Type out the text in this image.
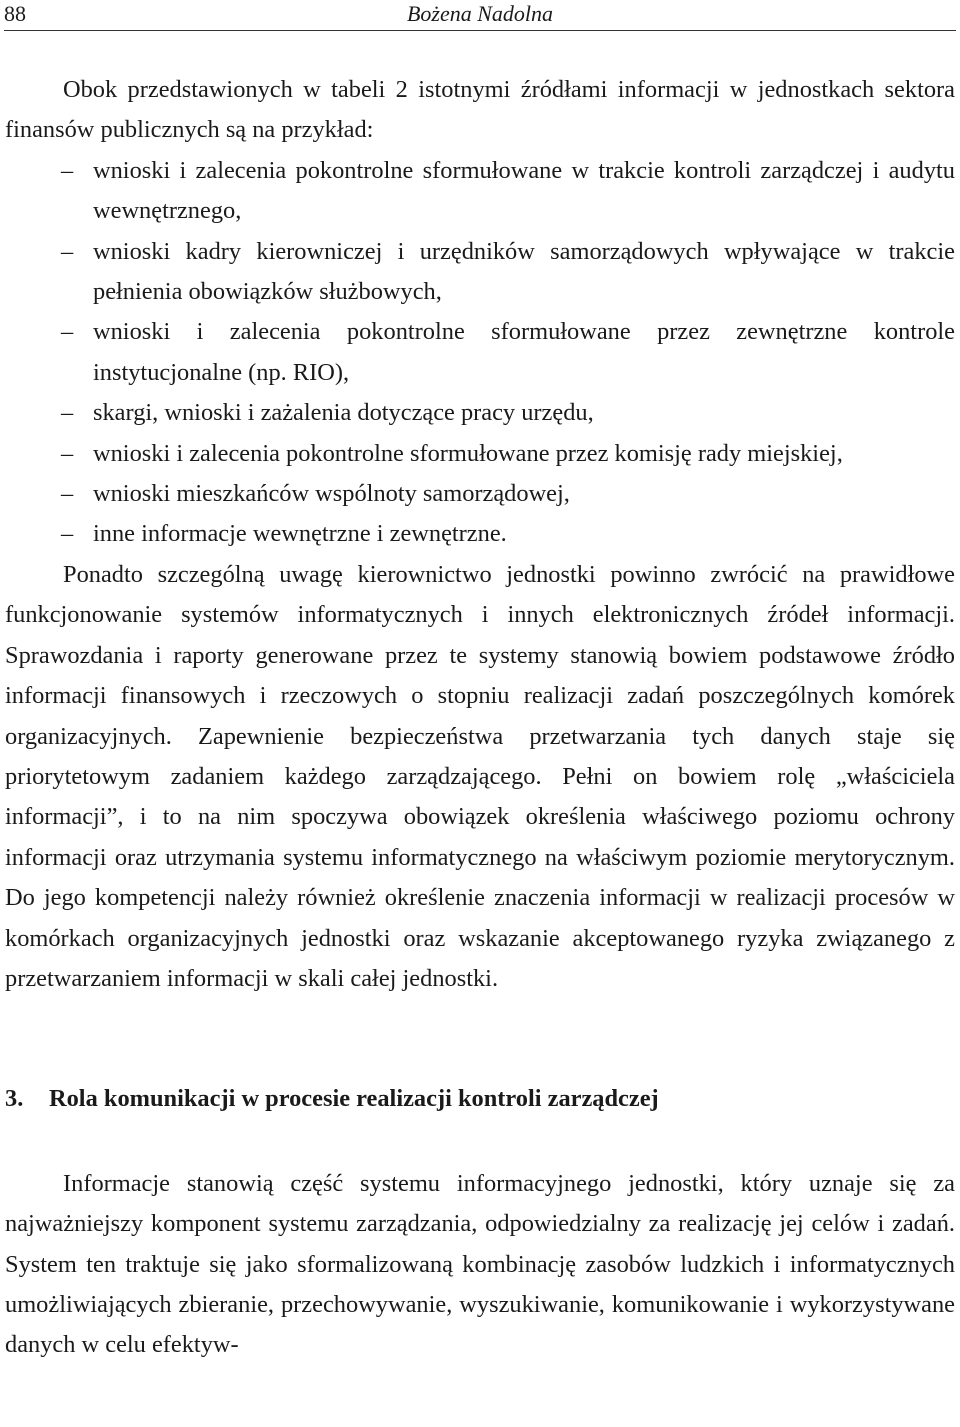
88	Bożena Nadolna

Obok przedstawionych w tabeli 2 istotnymi źródłami informacji w jednostkach sektora finansów publicznych są na przykład:

– wnioski i zalecenia pokontrolne sformułowane w trakcie kontroli zarządczej i audytu wewnętrznego,
– wnioski kadry kierowniczej i urzędników samorządowych wpływające w trakcie pełnienia obowiązków służbowych,
– wnioski i zalecenia pokontrolne sformułowane przez zewnętrzne kontrole instytucjonalne (np. RIO),
– skargi, wnioski i zażalenia dotyczące pracy urzędu,
– wnioski i zalecenia pokontrolne sformułowane przez komisję rady miejskiej,
– wnioski mieszkańców wspólnoty samorządowej,
– inne informacje wewnętrzne i zewnętrzne.

Ponadto szczególną uwagę kierownictwo jednostki powinno zwrócić na prawidłowe funkcjonowanie systemów informatycznych i innych elektronicznych źródeł informacji. Sprawozdania i raporty generowane przez te systemy stanowią bowiem podstawowe źródło informacji finansowych i rzeczowych o stopniu realizacji zadań poszczególnych komórek organizacyjnych. Zapewnienie bezpieczeństwa przetwarzania tych danych staje się priorytetowym zadaniem każdego zarządzającego. Pełni on bowiem rolę „właściciela informacji”, i to na nim spoczywa obowiązek określenia właściwego poziomu ochrony informacji oraz utrzymania systemu informatycznego na właściwym poziomie merytorycznym. Do jego kompetencji należy również określenie znaczenia informacji w realizacji procesów w komórkach organizacyjnych jednostki oraz wskazanie akceptowanego ryzyka związanego z przetwarzaniem informacji w skali całej jednostki.

3. Rola komunikacji w procesie realizacji kontroli zarządczej

Informacje stanowią część systemu informacyjnego jednostki, który uznaje się za najważniejszy komponent systemu zarządzania, odpowiedzialny za realizację jej celów i zadań. System ten traktuje się jako sformalizowaną kombinację zasobów ludzkich i informatycznych umożliwiających zbieranie, przechowywanie, wyszukiwanie, komunikowanie i wykorzystywane danych w celu efektyw-
